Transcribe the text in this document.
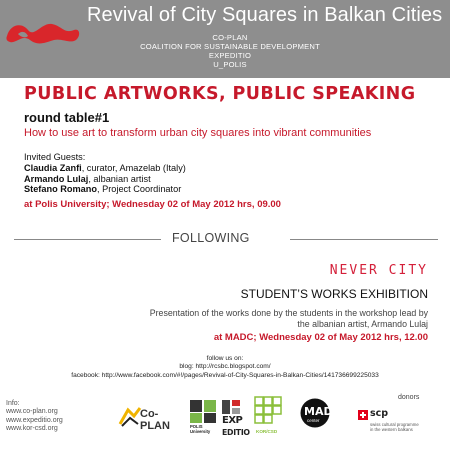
Revival of City Squares in Balkan Cities
CO-PLAN
COALITION FOR SUSTAINABLE DEVELOPMENT
EXPEDITIO
U_POLIS
PUBLIC ARTWORKS, PUBLIC SPEAKING
round table#1
How to use art to transform urban city squares into vibrant communities
Invited Guests:
Claudia Zanfi, curator, Amazelab (Italy)
Armando Lulaj, albanian artist
Stefano Romano, Project Coordinator
at Polis University; Wednesday 02 of May 2012 hrs, 09.00
FOLLOWING
NEVER CITY
STUDENT’S WORKS EXHIBITION
Presentation of the works done by the students in the workshop lead by
the albanian artist, Armando Lulaj
at MADC; Wednesday 02 of May 2012 hrs, 12.00
follow us on:
blog: http://rcsbc.blogspot.com/
facebook: http://www.facebook.com/#!/pages/Revival-of-City-Squares-in-Balkan-Cities/141736699225033
Info:
www.co-plan.org
www.expeditio.org
www.kor-csd.org
Co-PLAN	POLIS University
EXP
EDITIO KOR/CSD
MAD
center
donors
scp
swiss cultural programme
in the western balkans
